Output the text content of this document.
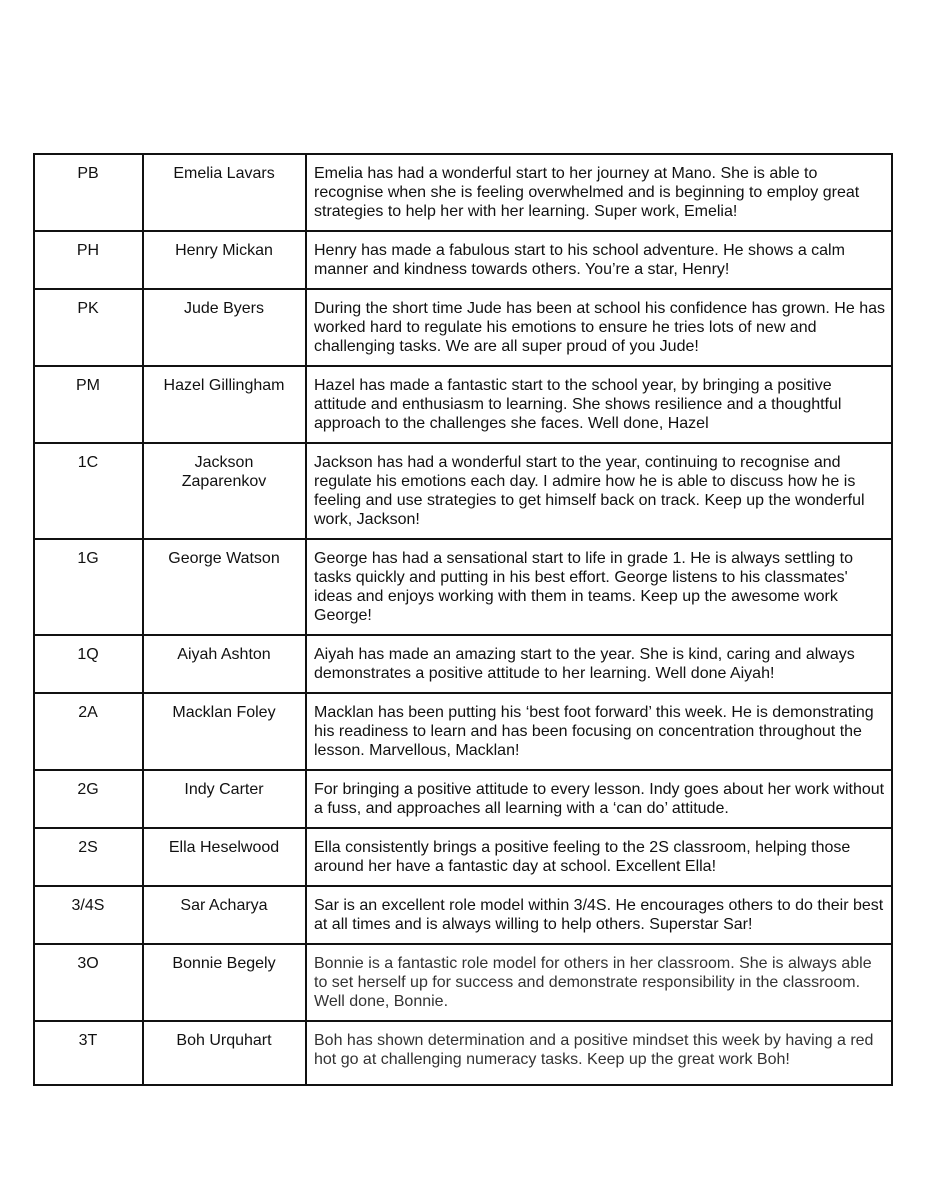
PB	Emelia Lavars	Emelia has had a wonderful start to her journey at Mano. She is able to recognise when she is feeling overwhelmed and is beginning to employ great strategies to help her with her learning. Super work, Emelia!

PH	Henry Mickan	Henry has made a fabulous start to his school adventure. He shows a calm manner and kindness towards others. You’re a star, Henry!

PK	Jude Byers	During the short time Jude has been at school his confidence has grown. He has worked hard to regulate his emotions to ensure he tries lots of new and challenging tasks. We are all super proud of you Jude!

PM	Hazel Gillingham	Hazel has made a fantastic start to the school year, by bringing a positive attitude and enthusiasm to learning. She shows resilience and a thoughtful approach to the challenges she faces. Well done, Hazel

1C	Jackson Zaparenkov	Jackson has had a wonderful start to the year, continuing to recognise and regulate his emotions each day. I admire how he is able to discuss how he is feeling and use strategies to get himself back on track. Keep up the wonderful work, Jackson!

1G	George Watson	George has had a sensational start to life in grade 1. He is always settling to tasks quickly and putting in his best effort. George listens to his classmates' ideas and enjoys working with them in teams. Keep up the awesome work George!

1Q	Aiyah Ashton	Aiyah has made an amazing start to the year. She is kind, caring and always demonstrates a positive attitude to her learning. Well done Aiyah!

2A	Macklan Foley	Macklan has been putting his ‘best foot forward’ this week. He is demonstrating his readiness to learn and has been focusing on concentration throughout the lesson. Marvellous, Macklan!

2G	Indy Carter	For bringing a positive attitude to every lesson. Indy goes about her work without a fuss, and approaches all learning with a ‘can do’ attitude.

2S	Ella Heselwood	Ella consistently brings a positive feeling to the 2S classroom, helping those around her have a fantastic day at school. Excellent Ella!

3/4S	Sar Acharya	Sar is an excellent role model within 3/4S. He encourages others to do their best at all times and is always willing to help others. Superstar Sar!

3O	Bonnie Begely	Bonnie is a fantastic role model for others in her classroom. She is always able to set herself up for success and demonstrate responsibility in the classroom. Well done, Bonnie.

3T	Boh Urquhart	Boh has shown determination and a positive mindset this week by having a red hot go at challenging numeracy tasks. Keep up the great work Boh!
